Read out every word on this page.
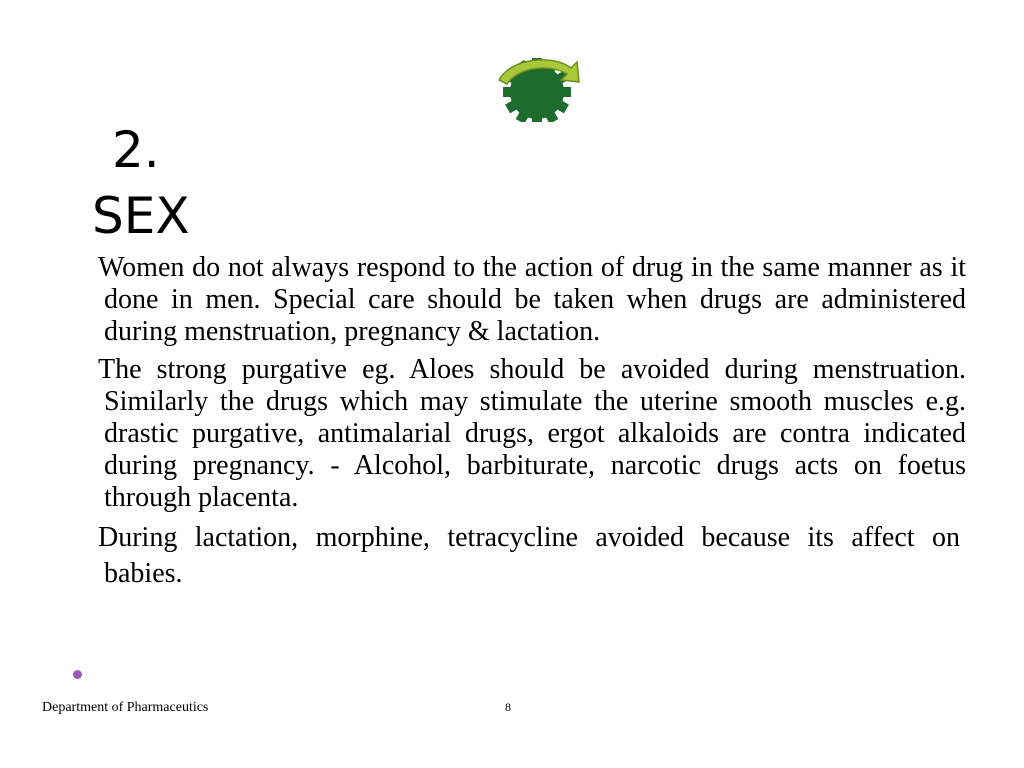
2.
SEX

Women do not always respond to the action of drug in the same manner as it done in men. Special care should be taken when drugs are administered during menstruation, pregnancy & lactation.

The strong purgative eg. Aloes should be avoided during menstruation. Similarly the drugs which may stimulate the uterine smooth muscles e.g. drastic purgative, antimalarial drugs, ergot alkaloids are contra indicated during pregnancy. - Alcohol, barbiturate, narcotic drugs acts on foetus through placenta.

During lactation, morphine, tetracycline avoided because its affect on babies.

Department of Pharmaceutics	8
